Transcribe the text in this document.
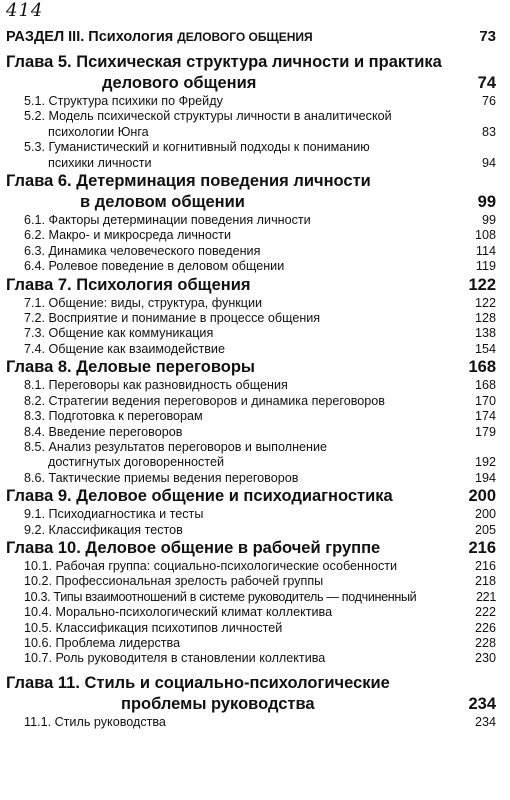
414
РАЗДЕЛ III. Психология ДЕЛОВОГО ОБЩЕНИЯ	73
Глава 5. Психическая структура личности и практика
делового общения	74
5.1. Структура психики по Фрейду	76
5.2. Модель психической структуры личности в аналитической
психологии Юнга	83
5.3. Гуманистический и когнитивный подходы к пониманию
психики личности	94
Глава 6. Детерминация поведения личности
в деловом общении	99
6.1. Факторы детерминации поведения личности	99
6.2. Макро- и микросреда личности	108
6.3. Динамика человеческого поведения	114
6.4. Ролевое поведение в деловом общении	119
Глава 7. Психология общения	122
7.1. Общение: виды, структура, функции	122
7.2. Восприятие и понимание в процессе общения	128
7.3. Общение как коммуникация	138
7.4. Общение как взаимодействие	154
Глава 8. Деловые переговоры	168
8.1. Переговоры как разновидность общения	168
8.2. Стратегии ведения переговоров и динамика переговоров	170
8.3. Подготовка к переговорам	174
8.4. Введение переговоров	179
8.5. Анализ результатов переговоров и выполнение
достигнутых договоренностей	192
8.6. Тактические приемы ведения переговоров	194
Глава 9. Деловое общение и психодиагностика	200
9.1. Психодиагностика и тесты	200
9.2. Классификация тестов	205
Глава 10. Деловое общение в рабочей группе	216
10.1. Рабочая группа: социально-психологические особенности	216
10.2. Профессиональная зрелость рабочей группы	218
10.3. Типы взаимоотношений в системе руководитель — подчиненный	221
10.4. Морально-психологический климат коллектива	222
10.5. Классификация психотипов личностей	226
10.6. Проблема лидерства	228
10.7. Роль руководителя в становлении коллектива	230
Глава 11. Стиль и социально-психологические
проблемы руководства	234
11.1. Стиль руководства	234
